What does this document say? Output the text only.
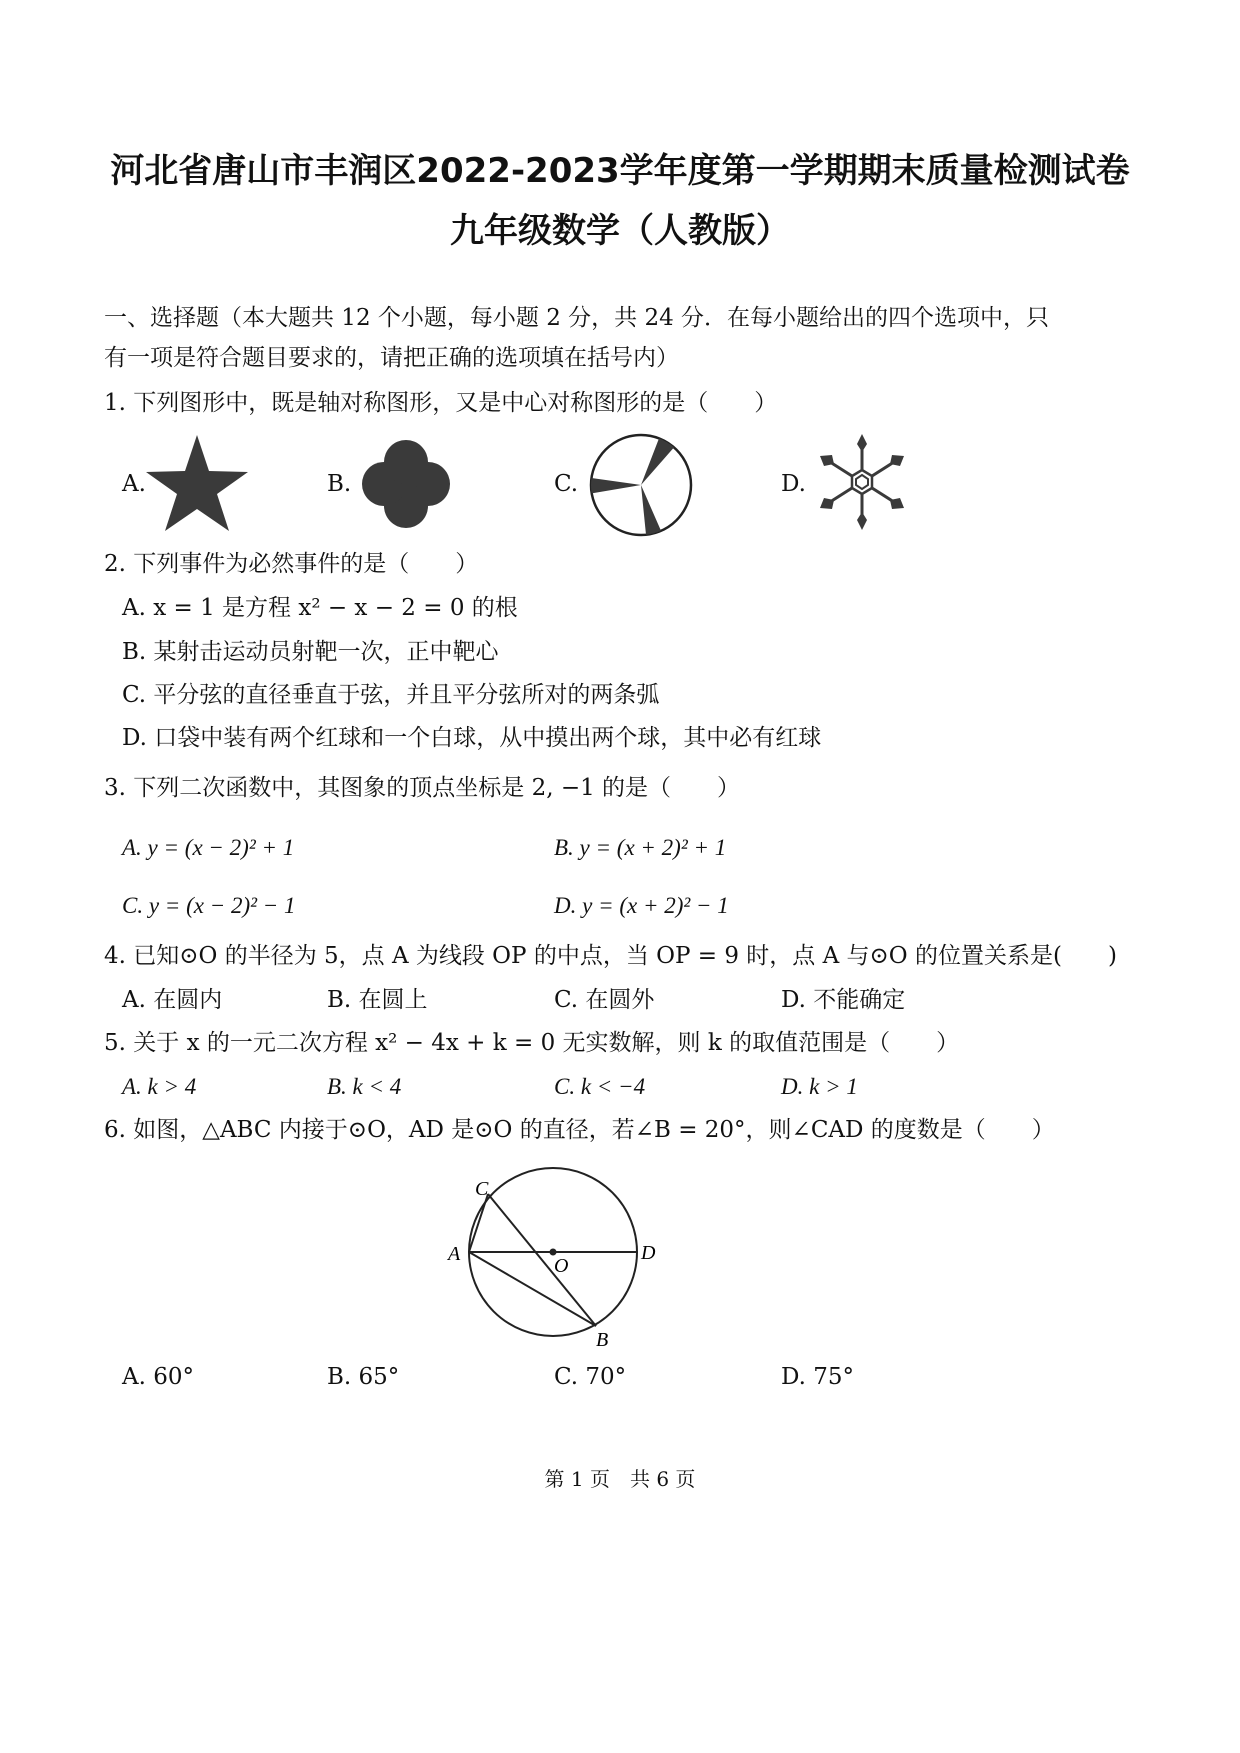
河北省唐山市丰润区2022-2023学年度第一学期期末质量检测试卷
九年级数学（人教版）
一、选择题（本大题共 12 个小题，每小题 2 分，共 24 分．在每小题给出的四个选项中，只
有一项是符合题目要求的，请把正确的选项填在括号内）
1. 下列图形中，既是轴对称图形，又是中心对称图形的是（　　）
A.	B.	C.	D.
2. 下列事件为必然事件的是（　　）
A. x = 1 是方程 x² − x − 2 = 0 的根
B. 某射击运动员射靶一次，正中靶心
C. 平分弦的直径垂直于弦，并且平分弦所对的两条弧
D. 口袋中装有两个红球和一个白球，从中摸出两个球，其中必有红球
3. 下列二次函数中，其图象的顶点坐标是 2, −1 的是（　　）
A. y = (x − 2)² + 1	B. y = (x + 2)² + 1
C. y = (x − 2)² − 1	D. y = (x + 2)² − 1
4. 已知⊙O 的半径为 5，点 A 为线段 OP 的中点，当 OP = 9 时，点 A 与⊙O 的位置关系是(　　)
A. 在圆内	B. 在圆上	C. 在圆外	D. 不能确定
5. 关于 x 的一元二次方程 x² − 4x + k = 0 无实数解，则 k 的取值范围是（　　）
A. k > 4	B. k < 4	C. k < −4	D. k > 1
6. 如图，△ABC 内接于⊙O，AD 是⊙O 的直径，若∠B = 20°，则∠CAD 的度数是（　　）
C
A
O
D
B
A. 60°	B. 65°	C. 70°	D. 75°
第 1 页　共 6 页
